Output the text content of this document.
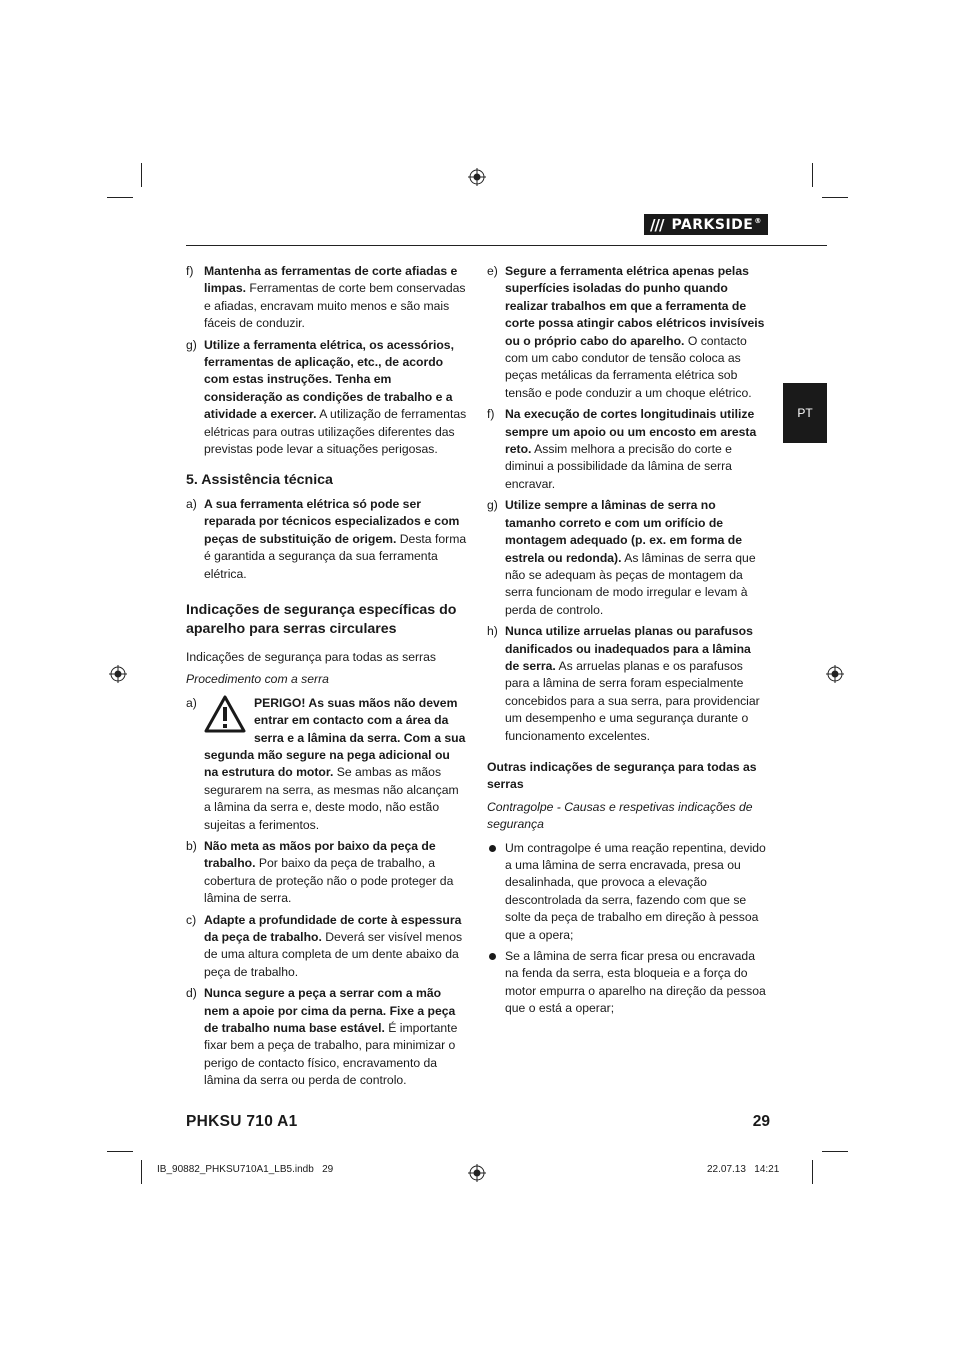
/// PARKSIDE®
PT
f) Mantenha as ferramentas de corte afiadas e limpas. Ferramentas de corte bem conservadas e afiadas, encravam muito menos e são mais fáceis de conduzir.
g) Utilize a ferramenta elétrica, os acessórios, ferramentas de aplicação, etc., de acordo com estas instruções. Tenha em consideração as condições de trabalho e a atividade a exercer. A utilização de ferramentas elétricas para outras utilizações diferentes das previstas pode levar a situações perigosas.
5. Assistência técnica
a) A sua ferramenta elétrica só pode ser reparada por técnicos especializados e com peças de substituição de origem. Desta forma é garantida a segurança da sua ferramenta elétrica.
Indicações de segurança específicas do aparelho para serras circulares
Indicações de segurança para todas as serras
Procedimento com a serra
a)	PERIGO! As suas mãos não devem entrar em contacto com a área da serra e a lâmina da serra. Com a sua segunda mão segure na pega adicional ou na estrutura do motor. Se ambas as mãos segurarem na serra, as mesmas não alcançam a lâmina da serra e, deste modo, não estão sujeitas a ferimentos.
b) Não meta as mãos por baixo da peça de trabalho. Por baixo da peça de trabalho, a cobertura de proteção não o pode proteger da lâmina de serra.
c) Adapte a profundidade de corte à espessura da peça de trabalho. Deverá ser visível menos de uma altura completa de um dente abaixo da peça de trabalho.
d) Nunca segure a peça a serrar com a mão nem a apoie por cima da perna. Fixe a peça de trabalho numa base estável. É importante fixar bem a peça de trabalho, para minimizar o perigo de contacto físico, encravamento da lâmina da serra ou perda de controlo.
e) Segure a ferramenta elétrica apenas pelas superfícies isoladas do punho quando realizar trabalhos em que a ferramenta de corte possa atingir cabos elétricos invisíveis ou o próprio cabo do aparelho. O contacto com um cabo condutor de tensão coloca as peças metálicas da ferramenta elétrica sob tensão e pode conduzir a um choque elétrico.
f) Na execução de cortes longitudinais utilize sempre um apoio ou um encosto em aresta reto. Assim melhora a precisão do corte e diminui a possibilidade da lâmina de serra encravar.
g) Utilize sempre a lâminas de serra no tamanho correto e com um orifício de montagem adequado (p. ex. em forma de estrela ou redonda). As lâminas de serra que não se adequam às peças de montagem da serra funcionam de modo irregular e levam à perda de controlo.
h) Nunca utilize arruelas planas ou parafusos danificados ou inadequados para a lâmina de serra. As arruelas planas e os parafusos para a lâmina de serra foram especialmente concebidos para a sua serra, para providenciar um desempenho e uma segurança durante o funcionamento excelentes.
Outras indicações de segurança para todas as serras
Contragolpe - Causas e respetivas indicações de segurança
Um contragolpe é uma reação repentina, devido a uma lâmina de serra encravada, presa ou desalinhada, que provoca a elevação descontrolada da serra, fazendo com que se solte da peça de trabalho em direção à pessoa que a opera;
Se a lâmina de serra ficar presa ou encravada na fenda da serra, esta bloqueia e a força do motor empurra o aparelho na direção da pessoa que o está a operar;
PHKSU 710 A1	29
IB_90882_PHKSU710A1_LB5.indb   29	22.07.13   14:21
